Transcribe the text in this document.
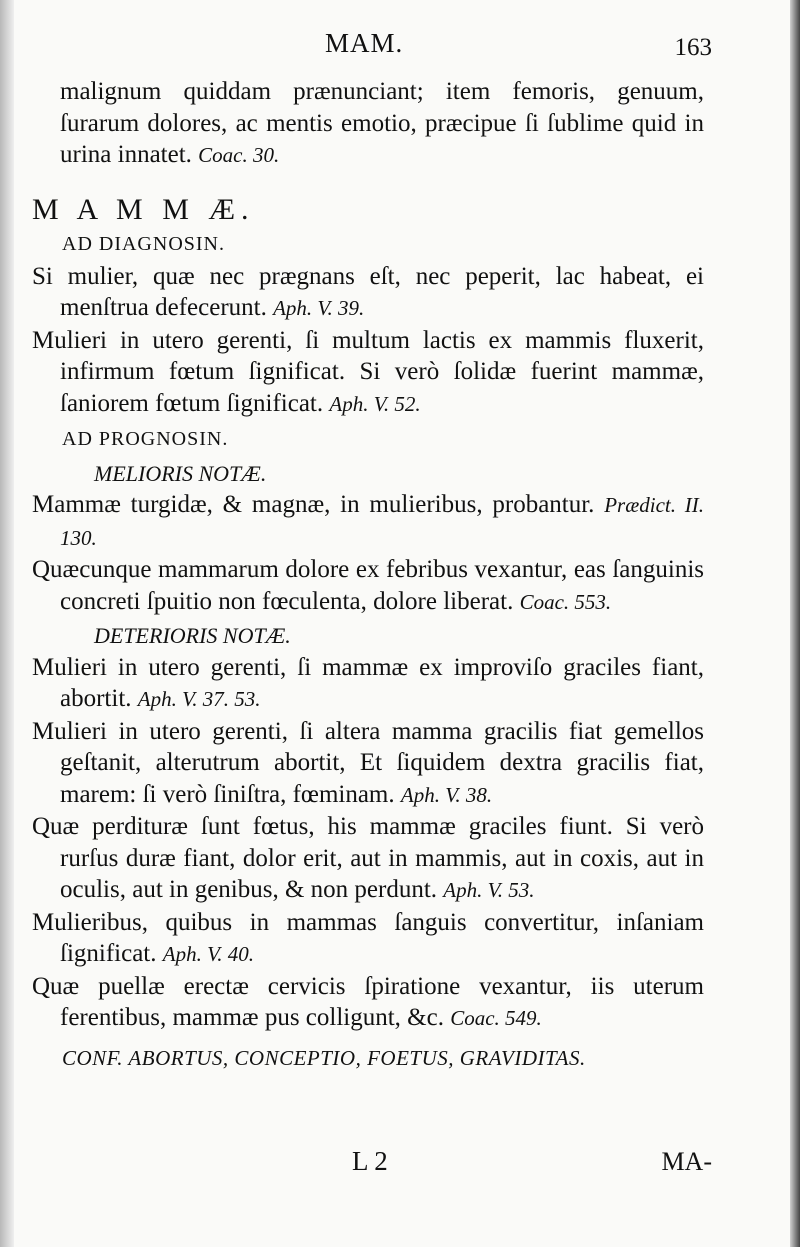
MAM.	163

malignum quiddam prænunciant; item femoris, genuum, ſurarum dolores, ac mentis emotio, præcipue ſi ſublime quid in urina innatet. Coac. 30.

M A M M Æ.
AD DIAGNOSIN.

Si mulier, quæ nec prægnans eſt, nec peperit, lac habeat, ei menſtrua defecerunt. Aph. V. 39.

Mulieri in utero gerenti, ſi multum lactis ex mammis fluxerit, infirmum fœtum ſignificat. Si verò ſolidæ fuerint mammæ, ſaniorem fœtum ſignificat. Aph. V. 52.

AD PROGNOSIN.
MELIORIS NOTÆ.

Mammæ turgidæ, & magnæ, in mulieribus, probantur. Prædict. II. 130.

Quæcunque mammarum dolore ex febribus vexantur, eas ſanguinis concreti ſpuitio non fœculenta, dolore liberat. Coac. 553.

DETERIORIS NOTÆ.

Mulieri in utero gerenti, ſi mammæ ex improviſo graciles fiant, abortit. Aph. V. 37. 53.

Mulieri in utero gerenti, ſi altera mamma gracilis fiat gemellos geſtanit, alterutrum abortit, Et ſiquidem dextra gracilis fiat, marem: ſi verò ſiniſtra, fœminam. Aph. V. 38.

Quæ perdituræ ſunt fœtus, his mammæ graciles fiunt. Si verò rurſus duræ fiant, dolor erit, aut in mammis, aut in coxis, aut in oculis, aut in genibus, & non perdunt. Aph. V. 53.

Mulieribus, quibus in mammas ſanguis convertitur, inſaniam ſignificat. Aph. V. 40.

Quæ puellæ erectæ cervicis ſpiratione vexantur, iis uterum ferentibus, mammæ pus colligunt, &c. Coac. 549.

CONF. ABORTUS, CONCEPTIO, FOETUS, GRAVIDITAS.
L 2	MA-
